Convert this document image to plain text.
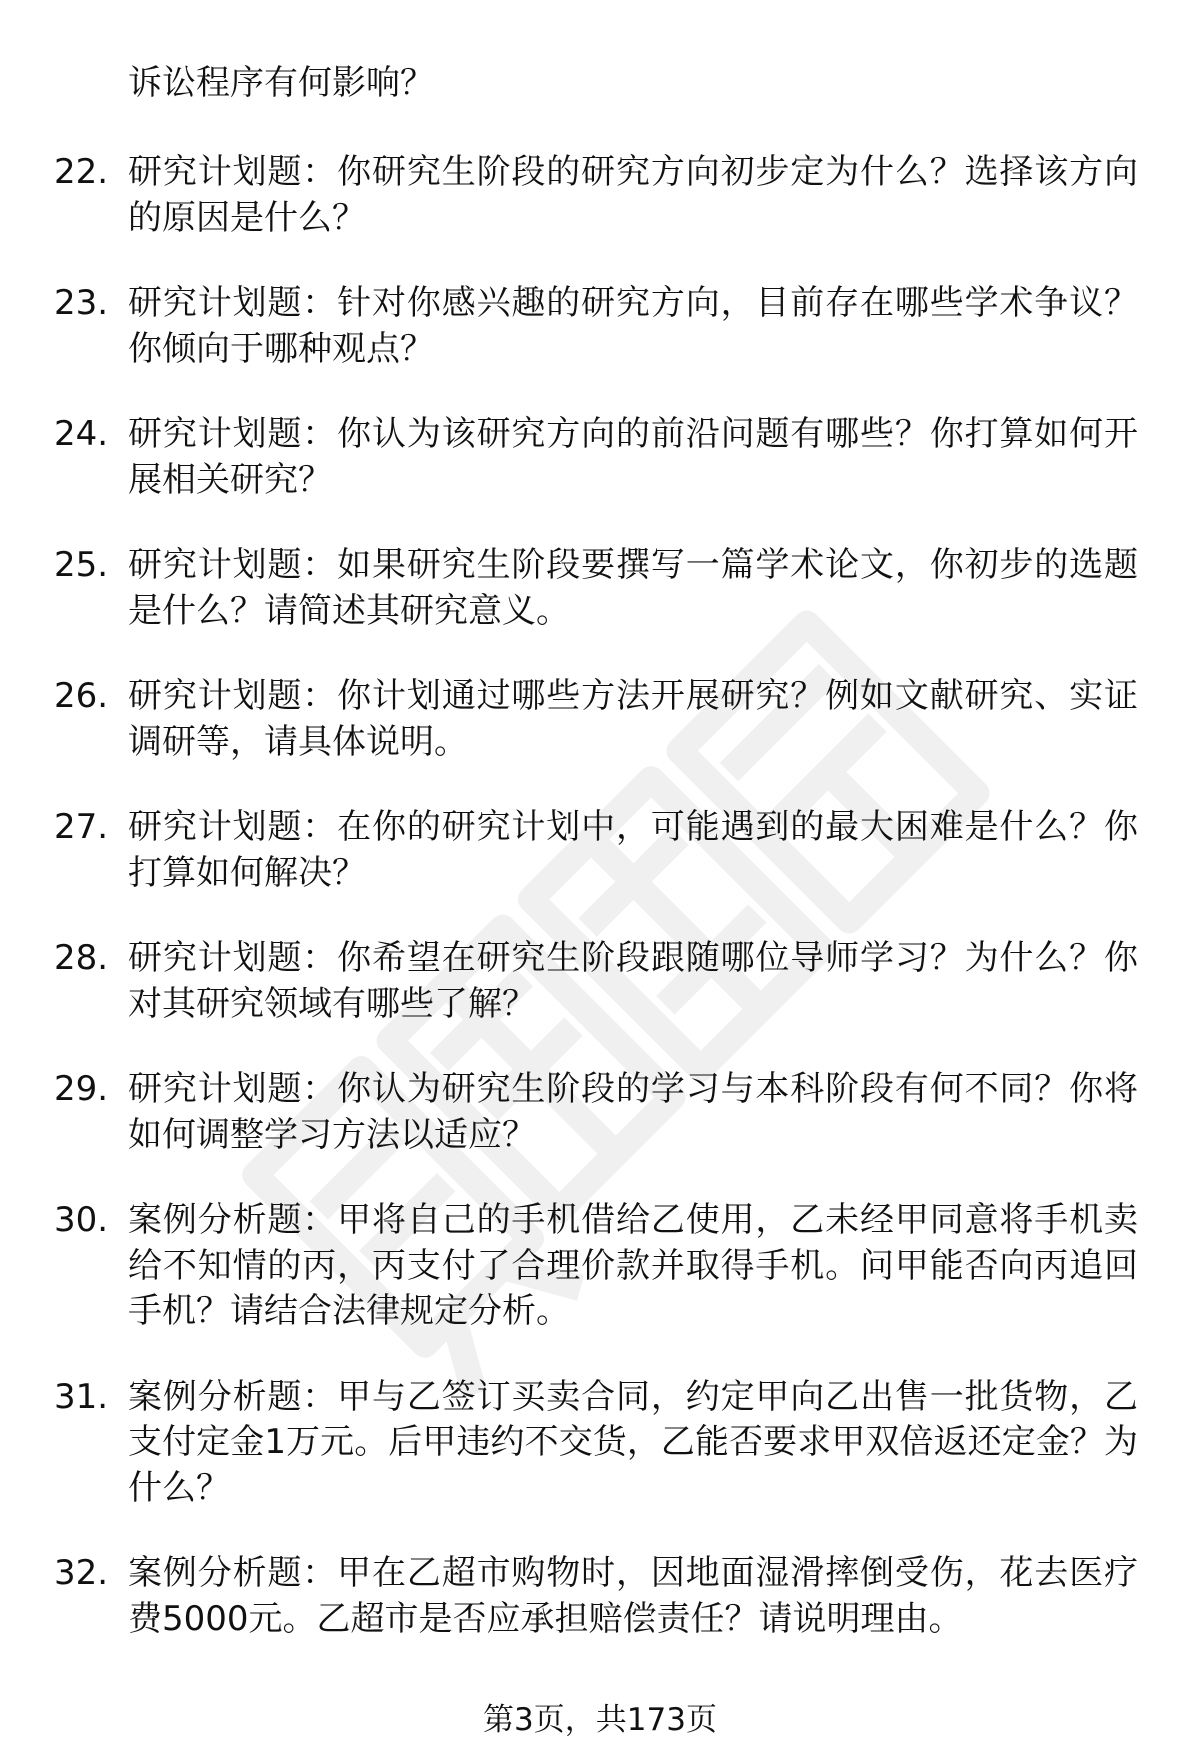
诉讼程序有何影响？

22. 研究计划题：你研究生阶段的研究方向初步定为什么？选择该方向的原因是什么？

23. 研究计划题：针对你感兴趣的研究方向，目前存在哪些学术争议？你倾向于哪种观点？

24. 研究计划题：你认为该研究方向的前沿问题有哪些？你打算如何开展相关研究？

25. 研究计划题：如果研究生阶段要撰写一篇学术论文，你初步的选题是什么？请简述其研究意义。

26. 研究计划题：你计划通过哪些方法开展研究？例如文献研究、实证调研等，请具体说明。

27. 研究计划题：在你的研究计划中，可能遇到的最大困难是什么？你打算如何解决？

28. 研究计划题：你希望在研究生阶段跟随哪位导师学习？为什么？你对其研究领域有哪些了解？

29. 研究计划题：你认为研究生阶段的学习与本科阶段有何不同？你将如何调整学习方法以适应？

30. 案例分析题：甲将自己的手机借给乙使用，乙未经甲同意将手机卖给不知情的丙，丙支付了合理价款并取得手机。问甲能否向丙追回手机？请结合法律规定分析。

31. 案例分析题：甲与乙签订买卖合同，约定甲向乙出售一批货物，乙支付定金1万元。后甲违约不交货，乙能否要求甲双倍返还定金？为什么？

32. 案例分析题：甲在乙超市购物时，因地面湿滑摔倒受伤，花去医疗费5000元。乙超市是否应承担赔偿责任？请说明理由。

第3页，共173页
